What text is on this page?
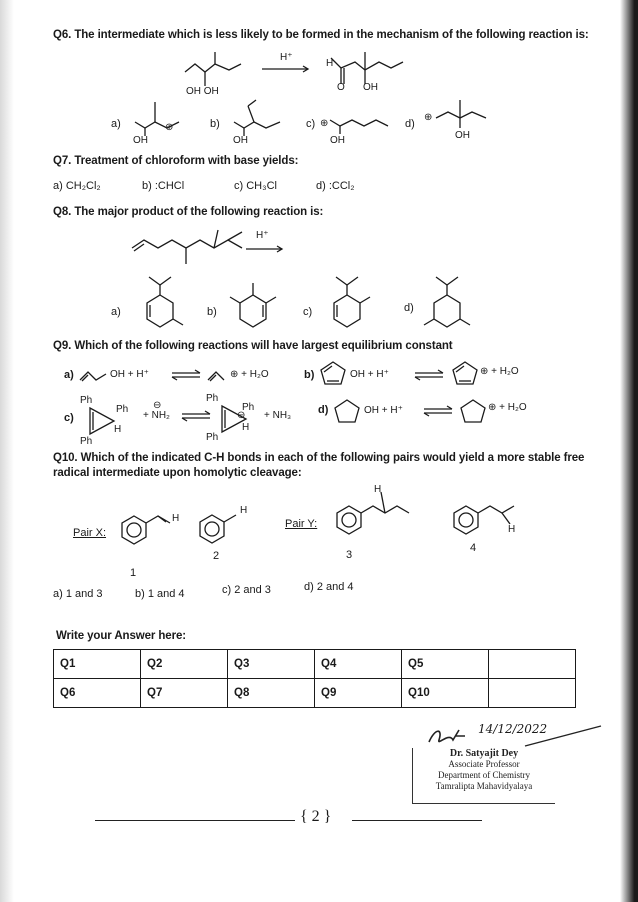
Q6. The intermediate which is less likely to be formed in the mechanism of the following reaction is:
OH OH
H⁺
H
O OH
a)	⊕
OH
b)
OH
c) ⊕
OH
d)
⊕
OH
Q7. Treatment of chloroform with base yields:
a) CH₂Cl₂	b) :CHCl	c) CH₃Cl	d) :CCl₂
Q8. The major product of the following reaction is:
H⁺
a)	b)	c)	d)
Q9. Which of the following reactions will have largest equilibrium constant
a)	OH + H⁺	⊕ + H₂O	b)	OH + H⁺	⊕ + H₂O
c)
Ph
Ph
Ph
H
⊖
+ NH₂
Ph
Ph
Ph
⊖
H
+ NH₃ d)	OH + H⁺	⊕ + H₂O
Q10. Which of the indicated C-H bonds in each of the following pairs would yield a more stable free
radical intermediate upon homolytic cleavage:
Pair X:
H
1
H
2
Pair Y:
H
3
H
4
a) 1 and 3	b) 1 and 4	c) 2 and 3	d) 2 and 4
Write your Answer here:
Q1	Q2	Q3	Q4	Q5	
Q6	Q7	Q8	Q9	Q10	
14/12/2022
Dr. Satyajit Dey
Associate Professor
Department of Chemistry
Tamralipta Mahavidyalaya
{ 2 }
